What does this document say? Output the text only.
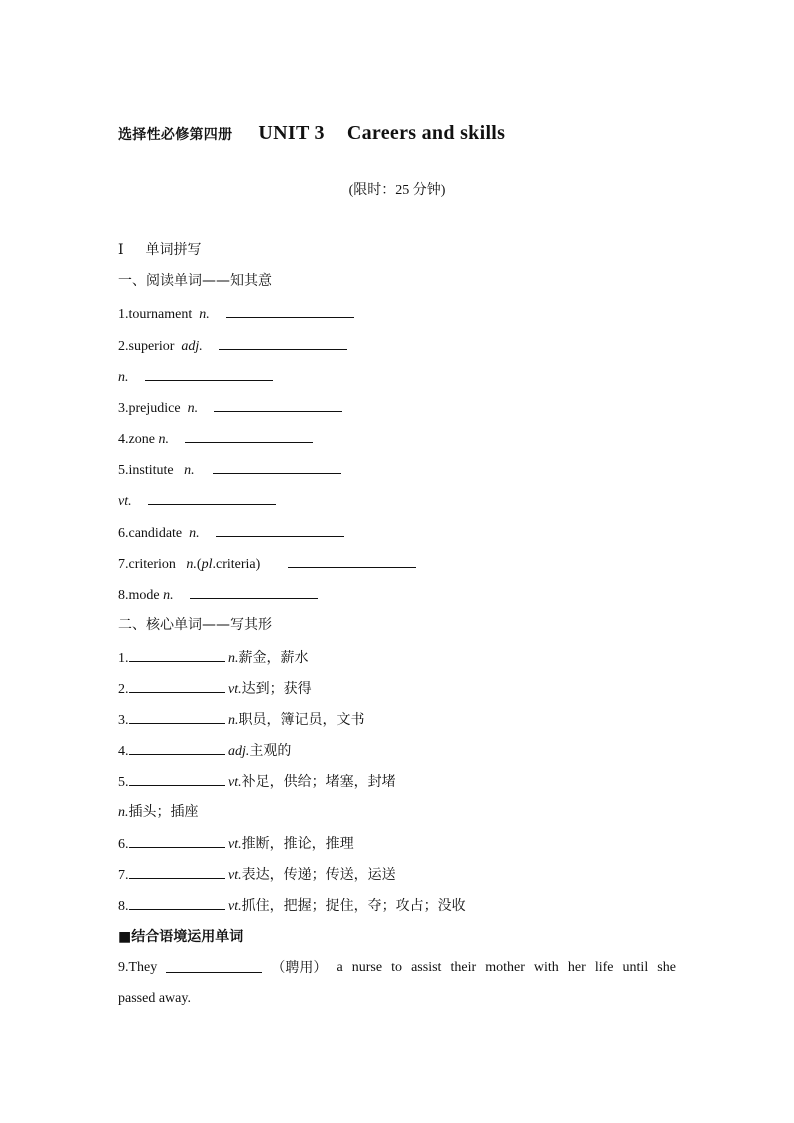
选择性必修第四册 UNIT 3 Careers and skills
(限时：25 分钟)
Ⅰ 单词拼写
一、阅读单词——知其意
1.tournament n.
2.superior adj.
n.
3.prejudice n.
4.zone n.
5.institute n.
vt.
6.candidate n.
7.criterion n.(pl.criteria)
8.mode n.
二、核心单词——写其形
1.	n.薪金，薪水
2.	vt.达到；获得
3.	n.职员，簿记员，文书
4.	adj.主观的
5.	vt.补足，供给；堵塞，封堵
n.插头；插座
6.	vt.推断，推论，推理
7.	vt.表达，传递；传送，运送
8.	vt.抓住，把握；捉住，夺；攻占；没收
■结合语境运用单词
9.They	（聘用） a nurse to assist their mother with her life until she
passed away.
